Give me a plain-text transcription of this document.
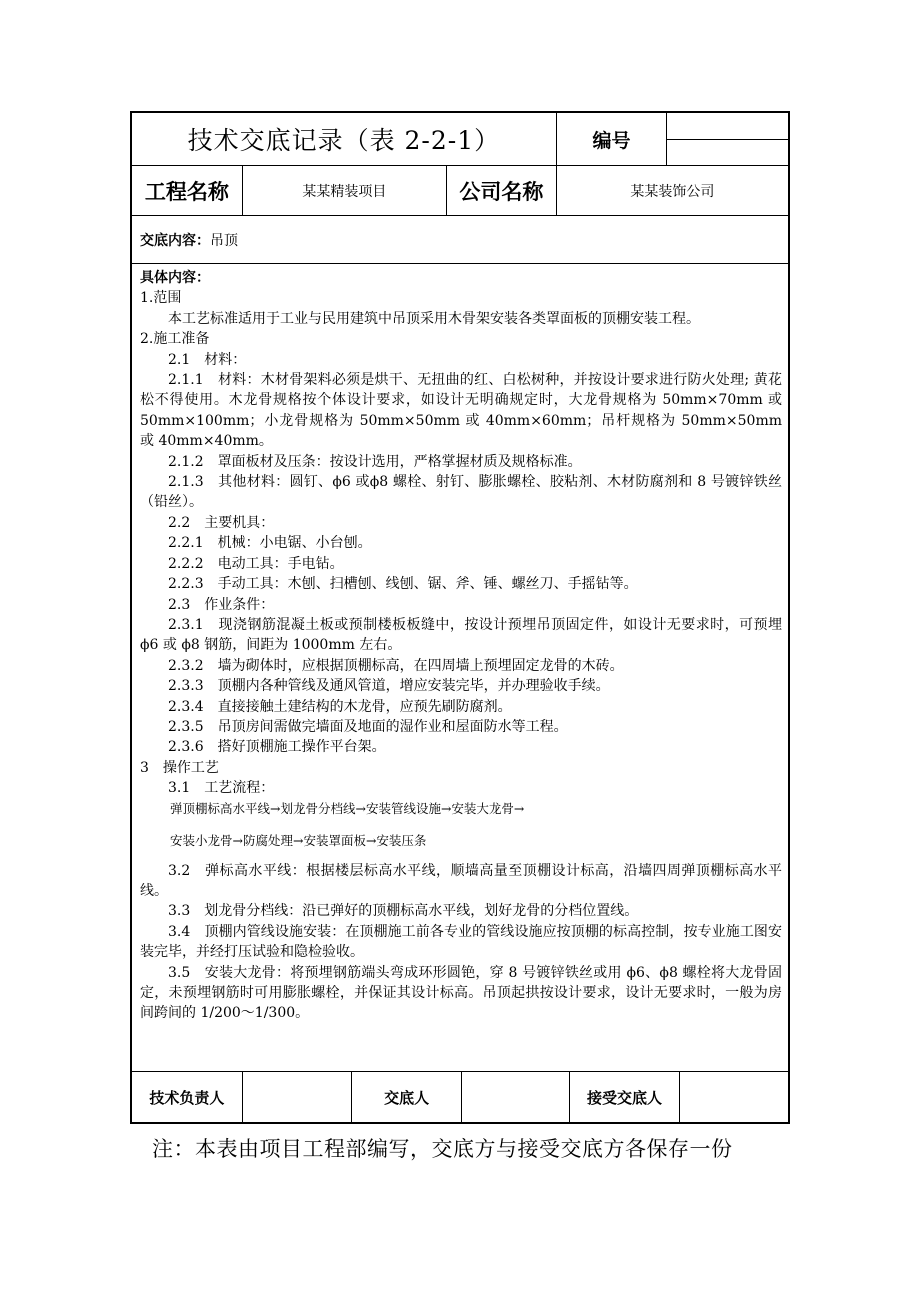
技术交底记录（表 2-2-1）	编号
工程名称	某某精装项目	公司名称	某某装饰公司
交底内容： 吊顶

具体内容：

1.范围

本工艺标准适用于工业与民用建筑中吊顶采用木骨架安装各类罩面板的顶棚安装工程。

2.施工准备

2.1　材料：

2.1.1　材料：木材骨架料必须是烘干、无扭曲的红、白松树种，并按设计要求进行防火处理; 黄花松不得使用。木龙骨规格按个体设计要求，如设计无明确规定时，大龙骨规格为 50mm×70mm 或 50mm×100mm；小龙骨规格为 50mm×50mm 或 40mm×60mm；吊杆规格为 50mm×50mm 或 40mm×40mm。

2.1.2　罩面板材及压条：按设计选用，严格掌握材质及规格标准。

2.1.3　其他材料：圆钉、ϕ6 或ϕ8 螺栓、射钉、膨胀螺栓、胶粘剂、木材防腐剂和 8 号镀锌铁丝（铅丝）。

2.2　主要机具：

2.2.1　机械：小电锯、小台刨。

2.2.2　电动工具：手电钻。

2.2.3　手动工具：木刨、扫槽刨、线刨、锯、斧、锤、螺丝刀、手摇钻等。

2.3　作业条件：

2.3.1　现浇钢筋混凝土板或预制楼板板缝中，按设计预埋吊顶固定件，如设计无要求时，可预埋 ϕ6 或 ϕ8 钢筋，间距为 1000mm 左右。

2.3.2　墙为砌体时，应根据顶棚标高，在四周墙上预埋固定龙骨的木砖。

2.3.3　顶棚内各种管线及通风管道，增应安装完毕，并办理验收手续。

2.3.4　直接接触土建结构的木龙骨，应预先刷防腐剂。

2.3.5　吊顶房间需做完墙面及地面的湿作业和屋面防水等工程。

2.3.6　搭好顶棚施工操作平台架。

3　操作工艺

3.1　工艺流程：

弹顶棚标高水平线→划龙骨分档线→安装管线设施→安装大龙骨→

安装小龙骨→防腐处理→安装罩面板→安装压条

3.2　弹标高水平线：根据楼层标高水平线，顺墙高量至顶棚设计标高，沿墙四周弹顶棚标高水平线。

3.3　划龙骨分档线：沿已弹好的顶棚标高水平线，划好龙骨的分档位置线。

3.4　顶棚内管线设施安装：在顶棚施工前各专业的管线设施应按顶棚的标高控制，按专业施工图安装完毕，并经打压试验和隐检验收。

3.5　安装大龙骨：将预埋钢筋端头弯成环形圆铯，穿 8 号镀锌铁丝或用 ϕ6、ϕ8 螺栓将大龙骨固定，未预埋钢筋时可用膨胀螺栓，并保证其设计标高。吊顶起拱按设计要求，设计无要求时，一般为房间跨间的 1/200～1/300。

技术负责人	交底人	接受交底人
注：本表由项目工程部编写，交底方与接受交底方各保存一份
